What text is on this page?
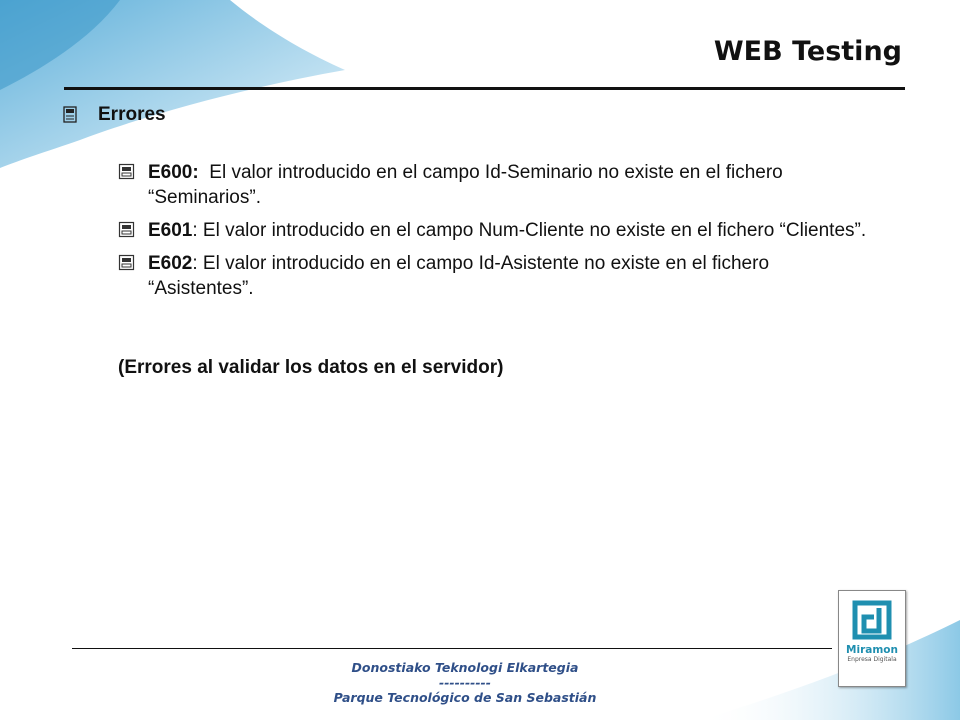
WEB Testing
Errores
E600: El valor introducido en el campo Id-Seminario no existe en el fichero “Seminarios”.
E601: El valor introducido en el campo Num-Cliente no existe en el fichero “Clientes”.
E602: El valor introducido en el campo Id-Asistente no existe en el fichero “Asistentes”.
(Errores al validar los datos en el servidor)
Donostiako Teknologi Elkartegia
----------
Parque Tecnológico de San Sebastián
Miramon
Enpresa Digitala
